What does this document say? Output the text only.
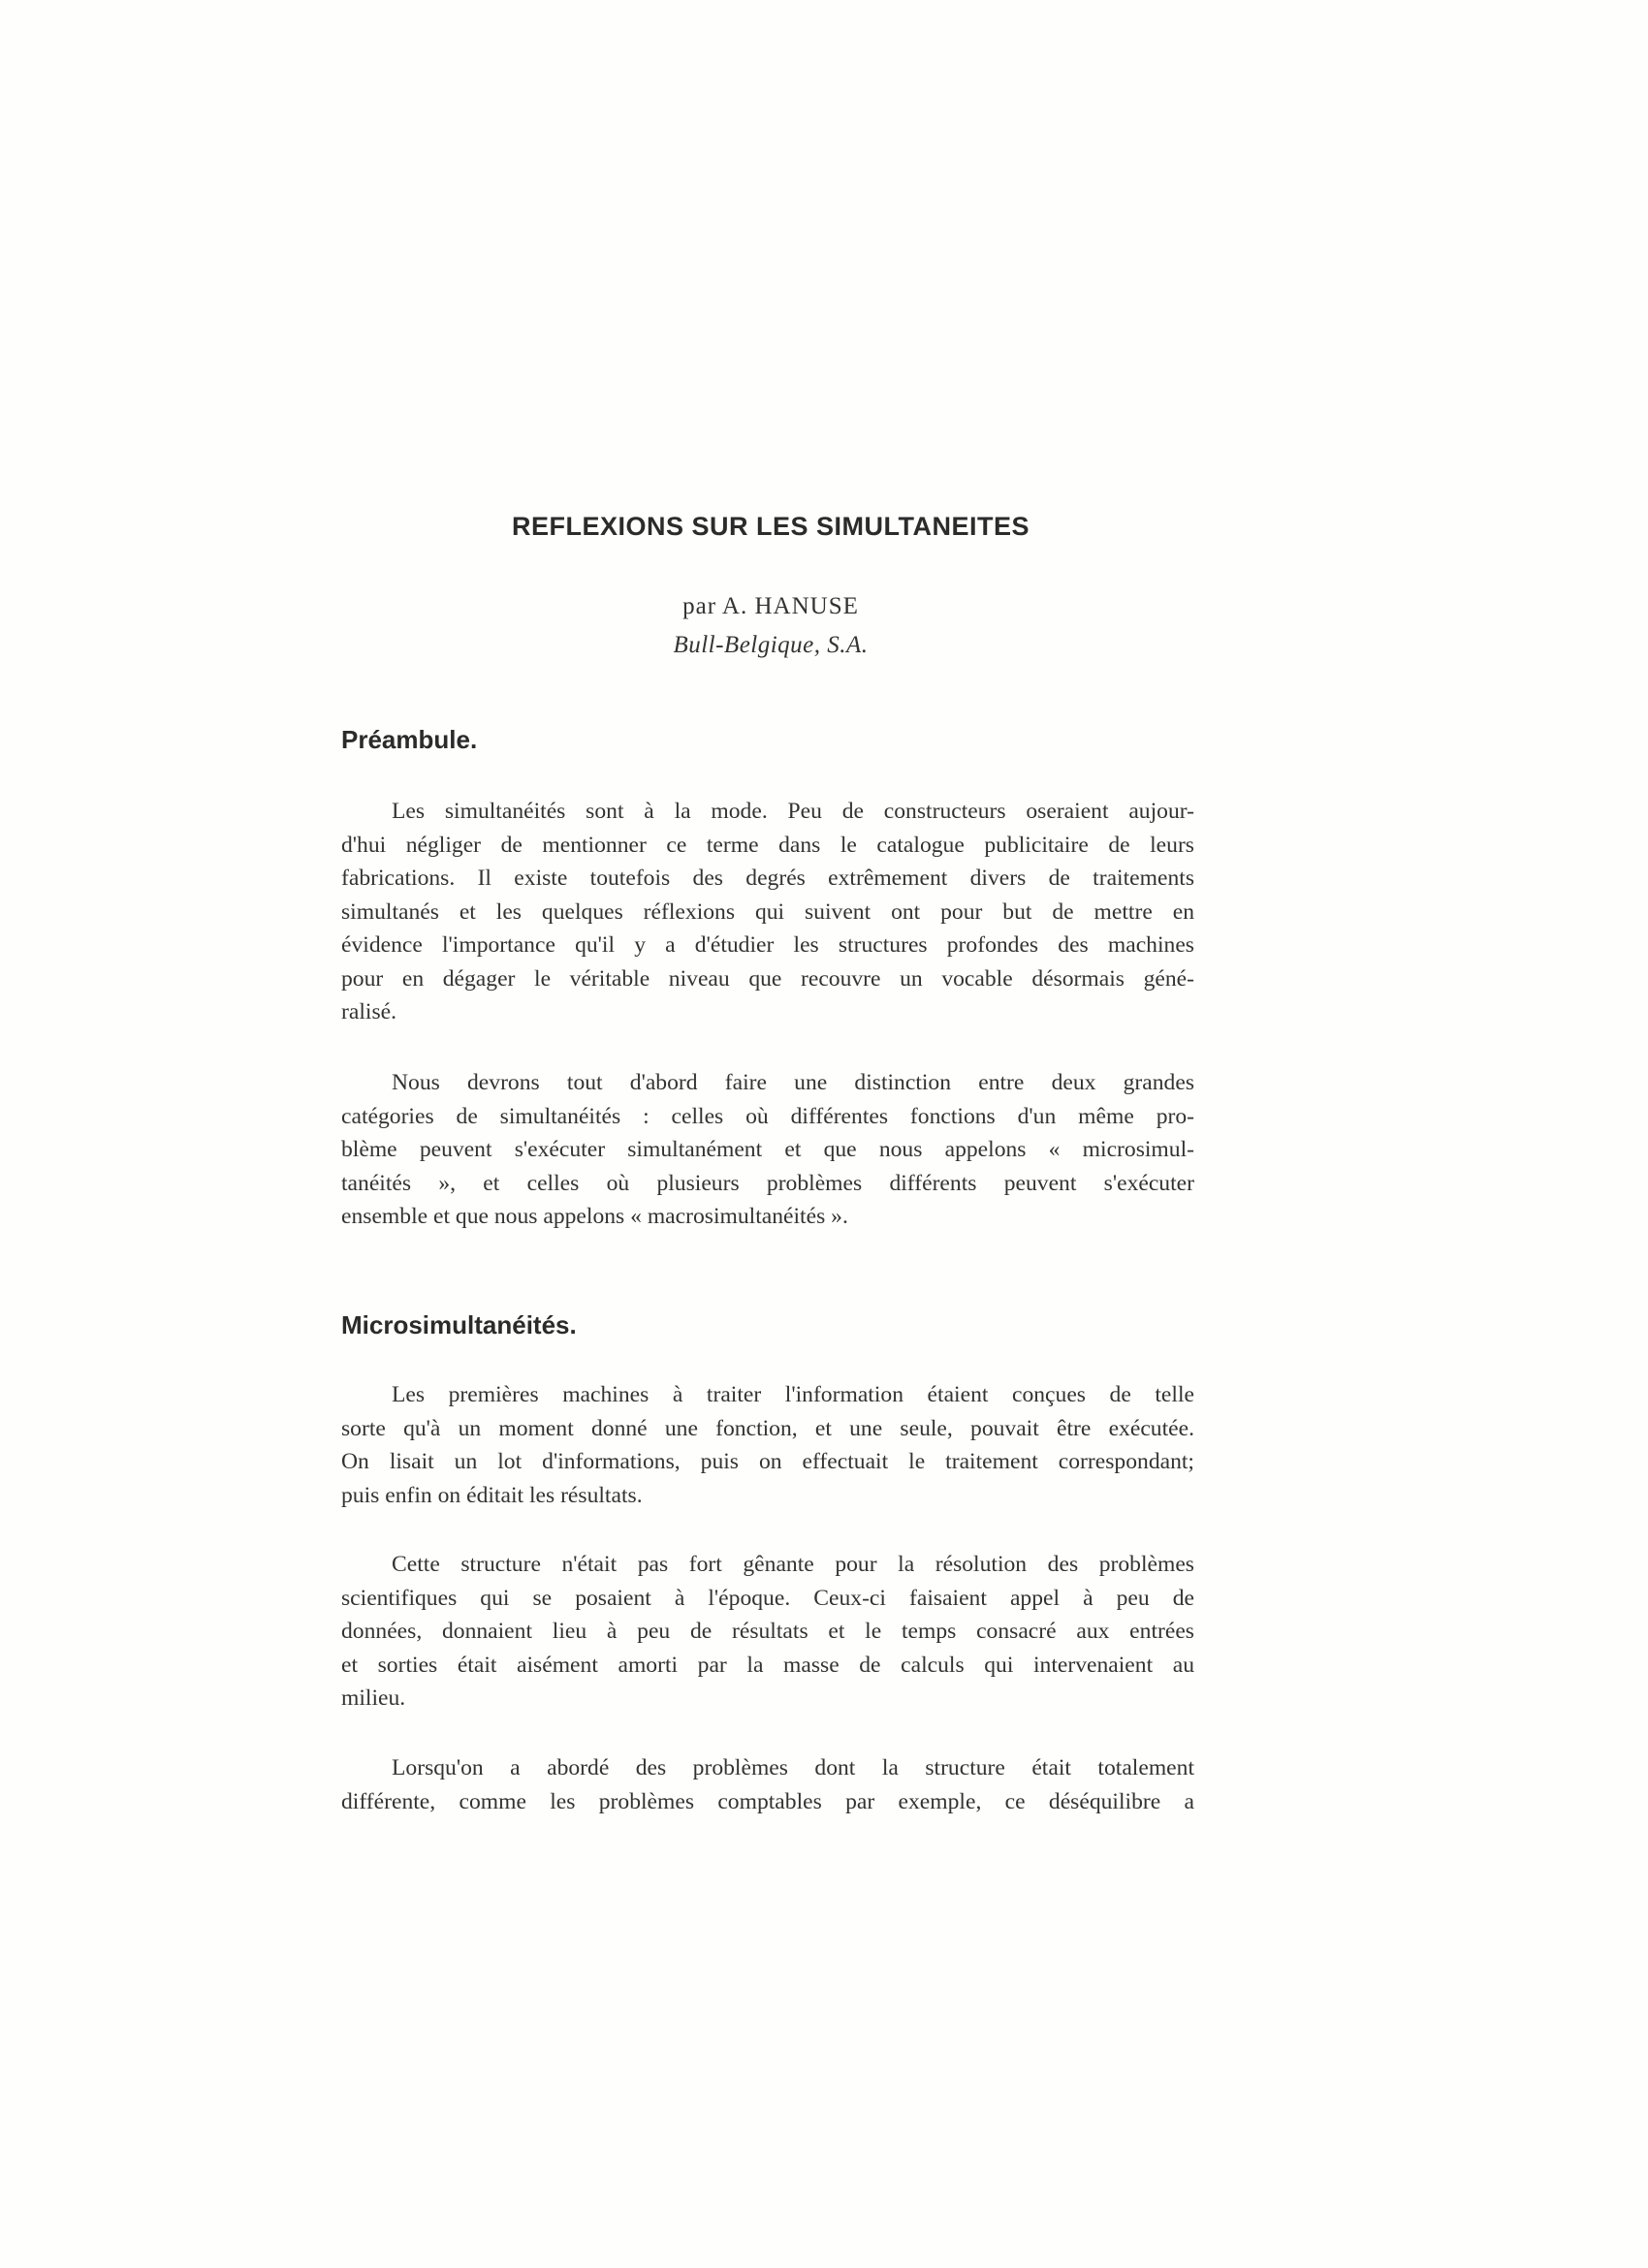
REFLEXIONS SUR LES SIMULTANEITES
par A. HANUSE
Bull-Belgique, S.A.
Préambule.
Les simultanéités sont à la mode. Peu de constructeurs oseraient aujour-
d'hui négliger de mentionner ce terme dans le catalogue publicitaire de leurs
fabrications. Il existe toutefois des degrés extrêmement divers de traitements
simultanés et les quelques réflexions qui suivent ont pour but de mettre en
évidence l'importance qu'il y a d'étudier les structures profondes des machines
pour en dégager le véritable niveau que recouvre un vocable désormais géné-
ralisé.
Nous devrons tout d'abord faire une distinction entre deux grandes
catégories de simultanéités : celles où différentes fonctions d'un même pro-
blème peuvent s'exécuter simultanément et que nous appelons « microsimul-
tanéités », et celles où plusieurs problèmes différents peuvent s'exécuter
ensemble et que nous appelons « macrosimultanéités ».
Microsimultanéités.
Les premières machines à traiter l'information étaient conçues de telle
sorte qu'à un moment donné une fonction, et une seule, pouvait être exécutée.
On lisait un lot d'informations, puis on effectuait le traitement correspondant;
puis enfin on éditait les résultats.
Cette structure n'était pas fort gênante pour la résolution des problèmes
scientifiques qui se posaient à l'époque. Ceux-ci faisaient appel à peu de
données, donnaient lieu à peu de résultats et le temps consacré aux entrées
et sorties était aisément amorti par la masse de calculs qui intervenaient au
milieu.
Lorsqu'on a abordé des problèmes dont la structure était totalement
différente, comme les problèmes comptables par exemple, ce déséquilibre a
